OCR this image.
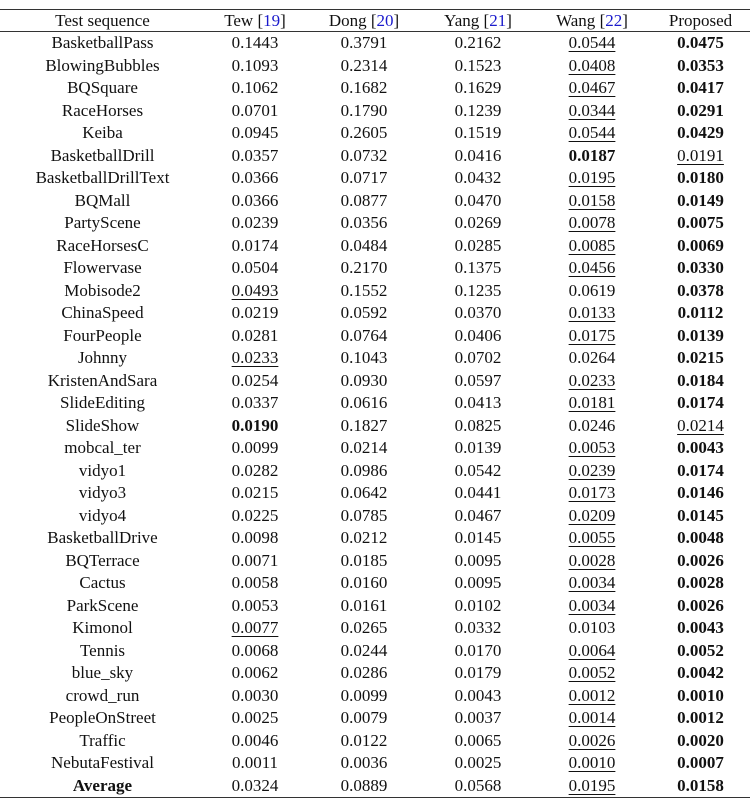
Test sequence	Tew [19]	Dong [20]	Yang [21]	Wang [22]	Proposed
BasketballPass	0.1443	0.3791	0.2162	0.0544	0.0475
BlowingBubbles	0.1093	0.2314	0.1523	0.0408	0.0353
BQSquare	0.1062	0.1682	0.1629	0.0467	0.0417
RaceHorses	0.0701	0.1790	0.1239	0.0344	0.0291
Keiba	0.0945	0.2605	0.1519	0.0544	0.0429
BasketballDrill	0.0357	0.0732	0.0416	0.0187	0.0191
BasketballDrillText	0.0366	0.0717	0.0432	0.0195	0.0180
BQMall	0.0366	0.0877	0.0470	0.0158	0.0149
PartyScene	0.0239	0.0356	0.0269	0.0078	0.0075
RaceHorsesC	0.0174	0.0484	0.0285	0.0085	0.0069
Flowervase	0.0504	0.2170	0.1375	0.0456	0.0330
Mobisode2	0.0493	0.1552	0.1235	0.0619	0.0378
ChinaSpeed	0.0219	0.0592	0.0370	0.0133	0.0112
FourPeople	0.0281	0.0764	0.0406	0.0175	0.0139
Johnny	0.0233	0.1043	0.0702	0.0264	0.0215
KristenAndSara	0.0254	0.0930	0.0597	0.0233	0.0184
SlideEditing	0.0337	0.0616	0.0413	0.0181	0.0174
SlideShow	0.0190	0.1827	0.0825	0.0246	0.0214
mobcal_ter	0.0099	0.0214	0.0139	0.0053	0.0043
vidyo1	0.0282	0.0986	0.0542	0.0239	0.0174
vidyo3	0.0215	0.0642	0.0441	0.0173	0.0146
vidyo4	0.0225	0.0785	0.0467	0.0209	0.0145
BasketballDrive	0.0098	0.0212	0.0145	0.0055	0.0048
BQTerrace	0.0071	0.0185	0.0095	0.0028	0.0026
Cactus	0.0058	0.0160	0.0095	0.0034	0.0028
ParkScene	0.0053	0.0161	0.0102	0.0034	0.0026
Kimonol	0.0077	0.0265	0.0332	0.0103	0.0043
Tennis	0.0068	0.0244	0.0170	0.0064	0.0052
blue_sky	0.0062	0.0286	0.0179	0.0052	0.0042
crowd_run	0.0030	0.0099	0.0043	0.0012	0.0010
PeopleOnStreet	0.0025	0.0079	0.0037	0.0014	0.0012
Traffic	0.0046	0.0122	0.0065	0.0026	0.0020
NebutaFestival	0.0011	0.0036	0.0025	0.0010	0.0007
Average	0.0324	0.0889	0.0568	0.0195	0.0158
